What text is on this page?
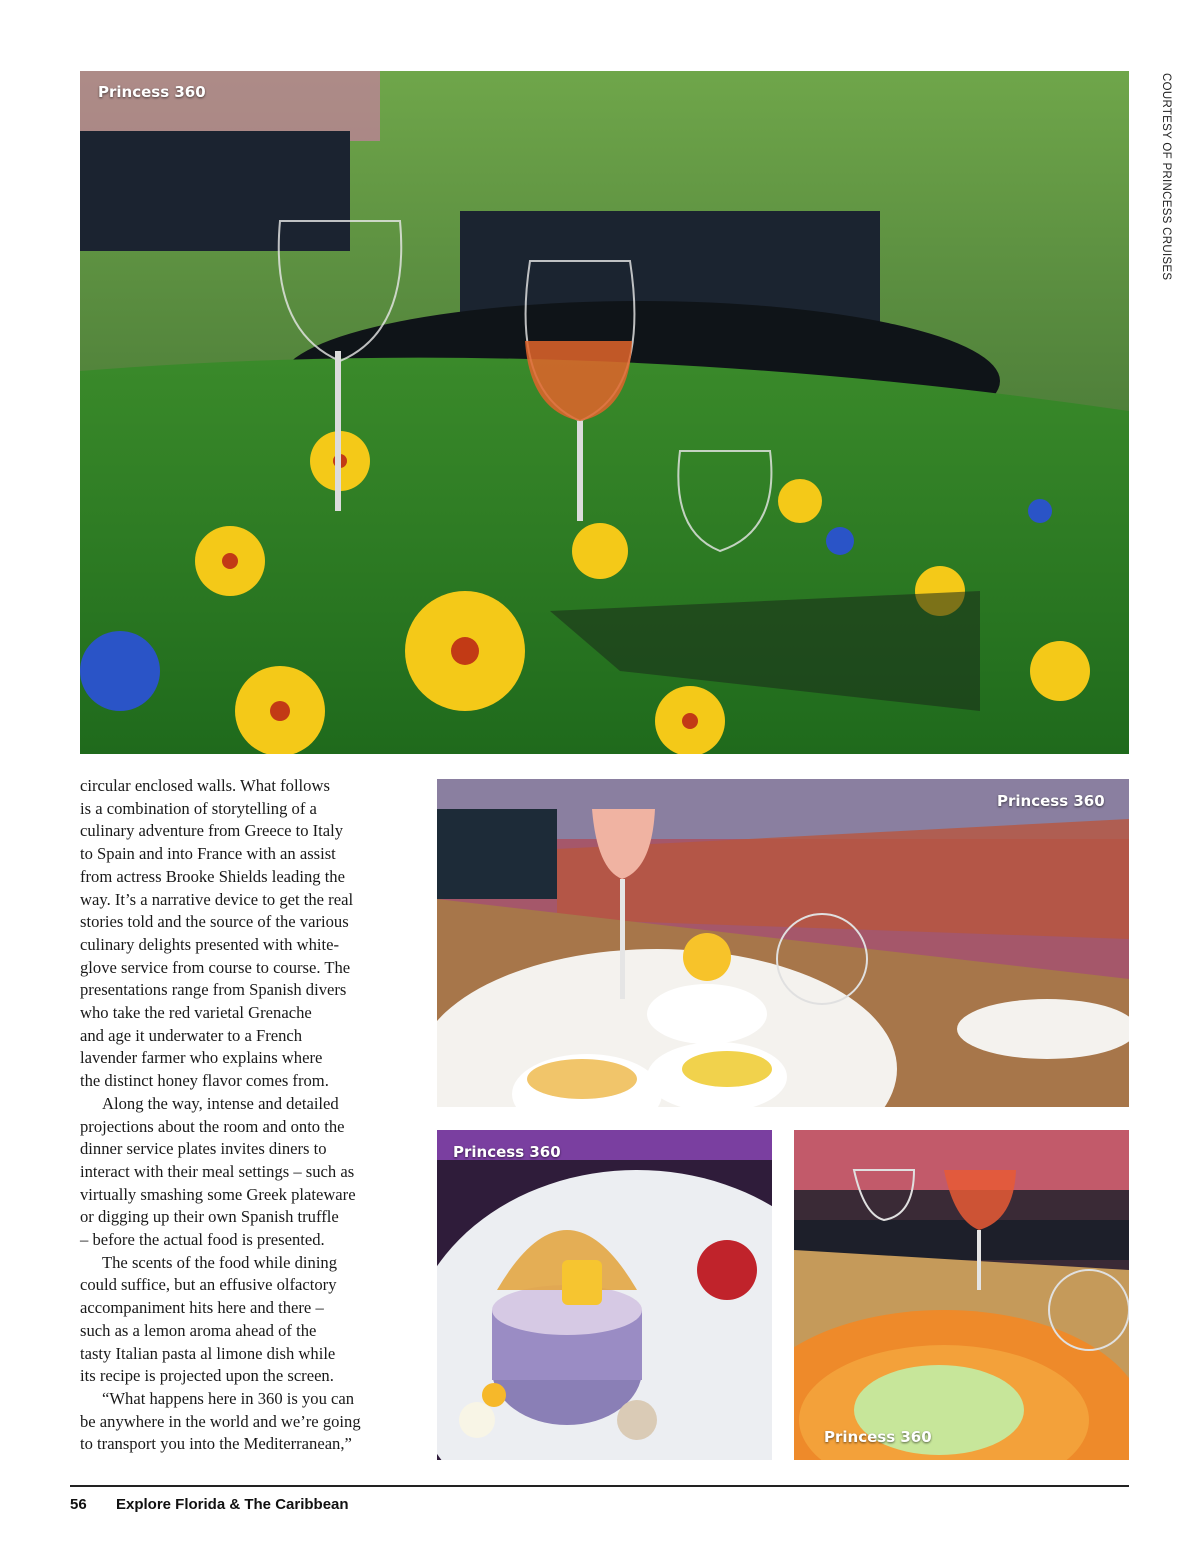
Princess 360	COURTESY OF PRINCESS CRUISES
circular enclosed walls. What follows
is a combination of storytelling of a
culinary adventure from Greece to Italy
to Spain and into France with an assist
from actress Brooke Shields leading the
way. It’s a narrative device to get the real
stories told and the source of the various
culinary delights presented with white-
glove service from course to course. The
presentations range from Spanish divers
who take the red varietal Grenache
and age it underwater to a French
lavender farmer who explains where
the distinct honey flavor comes from.
Along the way, intense and detailed
projections about the room and onto the
dinner service plates invites diners to
interact with their meal settings – such as
virtually smashing some Greek plateware
or digging up their own Spanish truffle
– before the actual food is presented.
The scents of the food while dining
could suffice, but an effusive olfactory
accompaniment hits here and there –
such as a lemon aroma ahead of the
tasty Italian pasta al limone dish while
its recipe is projected upon the screen.
“What happens here in 360 is you can
be anywhere in the world and we’re going
to transport you into the Mediterranean,”
Princess 360
Princess 360
Princess 360
56 Explore Florida & The Caribbean
